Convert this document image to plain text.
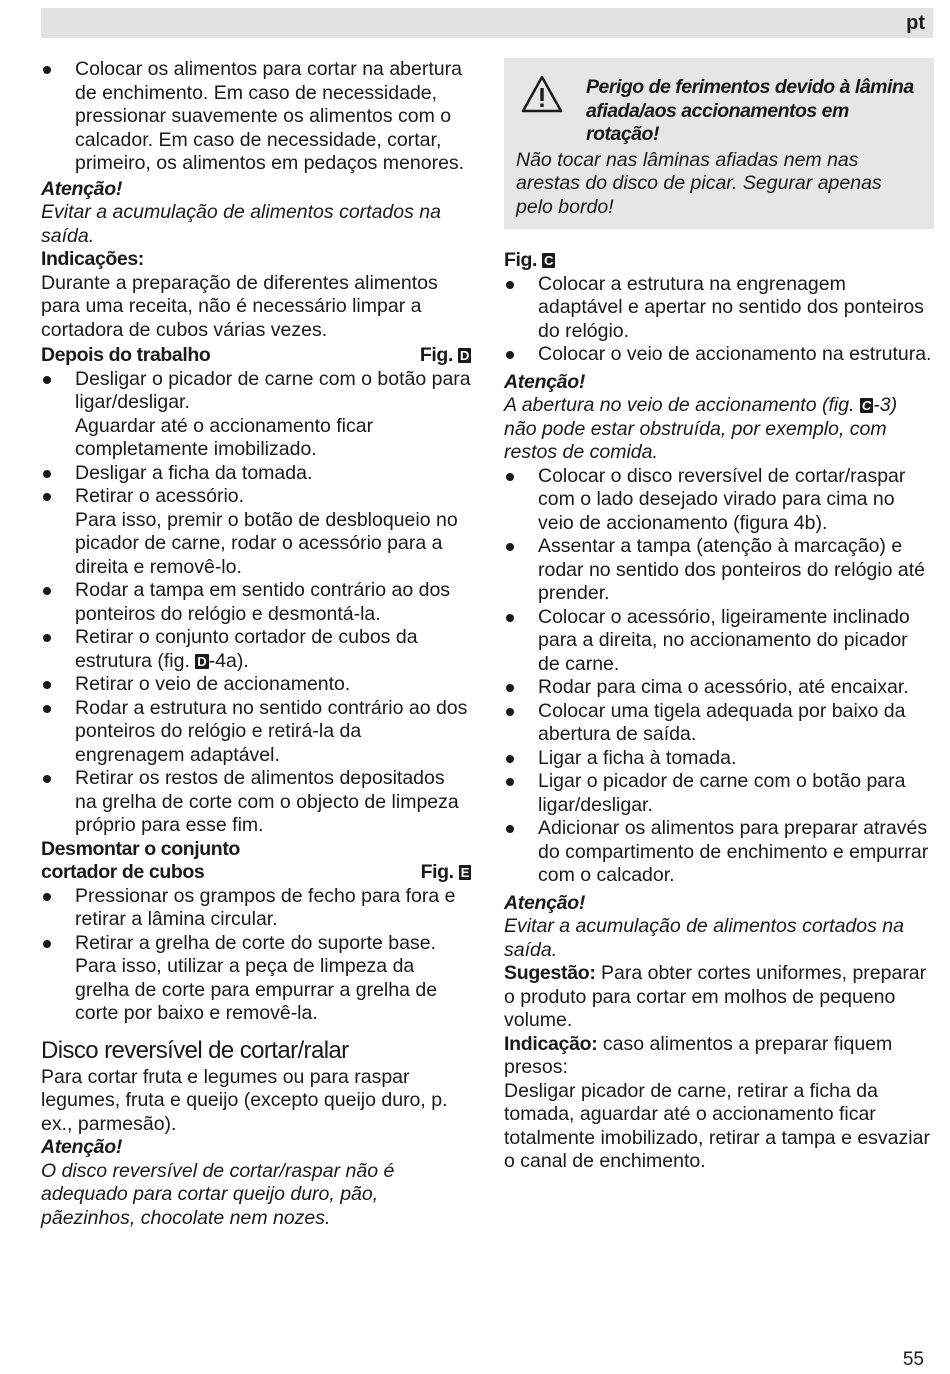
pt
Colocar os alimentos para cortar na abertura de enchimento. Em caso de necessidade, pressionar suavemente os alimentos com o calcador. Em caso de necessidade, cortar, primeiro, os alimentos em pedaços menores.
Atenção!
Evitar a acumulação de alimentos cortados na saída.
Indicações:
Durante a preparação de diferentes alimentos para uma receita, não é necessário limpar a cortadora de cubos várias vezes.
Depois do trabalho	Fig. D
Desligar o picador de carne com o botão para ligar/desligar.
Aguardar até o accionamento ficar completamente imobilizado.
Desligar a ficha da tomada.
Retirar o acessório.
Para isso, premir o botão de desbloqueio no picador de carne, rodar o acessório para a direita e removê-lo.
Rodar a tampa em sentido contrário ao dos ponteiros do relógio e desmontá-la.
Retirar o conjunto cortador de cubos da estrutura (fig. D -4a).
Retirar o veio de accionamento.
Rodar a estrutura no sentido contrário ao dos ponteiros do relógio e retirá-la da engrenagem adaptável.
Retirar os restos de alimentos depositados na grelha de corte com o objecto de limpeza próprio para esse fim.
Desmontar o conjunto
cortador de cubos	Fig. E
Pressionar os grampos de fecho para fora e retirar a lâmina circular.
Retirar a grelha de corte do suporte base. Para isso, utilizar a peça de limpeza da grelha de corte para empurrar a grelha de corte por baixo e removê-la.
Disco reversível de cortar/ralar
Para cortar fruta e legumes ou para raspar legumes, fruta e queijo (excepto queijo duro, p. ex., parmesão).
Atenção!
O disco reversível de cortar/raspar não é adequado para cortar queijo duro, pão, pãezinhos, chocolate nem nozes.
Perigo de ferimentos devido à lâmina afiada/aos accionamentos em rotação!
Não tocar nas lâminas afiadas nem nas arestas do disco de picar. Segurar apenas pelo bordo!
Fig. C
Colocar a estrutura na engrenagem adaptável e apertar no sentido dos ponteiros do relógio.
Colocar o veio de accionamento na estrutura.
Atenção!
A abertura no veio de accionamento (fig. C -3) não pode estar obstruída, por exemplo, com restos de comida.
Colocar o disco reversível de cortar/raspar com o lado desejado virado para cima no veio de accionamento (figura 4b).
Assentar a tampa (atenção à marcação) e rodar no sentido dos ponteiros do relógio até prender.
Colocar o acessório, ligeiramente inclinado para a direita, no accionamento do picador de carne.
Rodar para cima o acessório, até encaixar.
Colocar uma tigela adequada por baixo da abertura de saída.
Ligar a ficha à tomada.
Ligar o picador de carne com o botão para ligar/desligar.
Adicionar os alimentos para preparar através do compartimento de enchimento e empurrar com o calcador.
Atenção!
Evitar a acumulação de alimentos cortados na saída.
Sugestão: Para obter cortes uniformes, preparar o produto para cortar em molhos de pequeno volume.
Indicação: caso alimentos a preparar fiquem presos:
Desligar picador de carne, retirar a ficha da tomada, aguardar até o accionamento ficar totalmente imobilizado, retirar a tampa e esvaziar o canal de enchimento.
55
